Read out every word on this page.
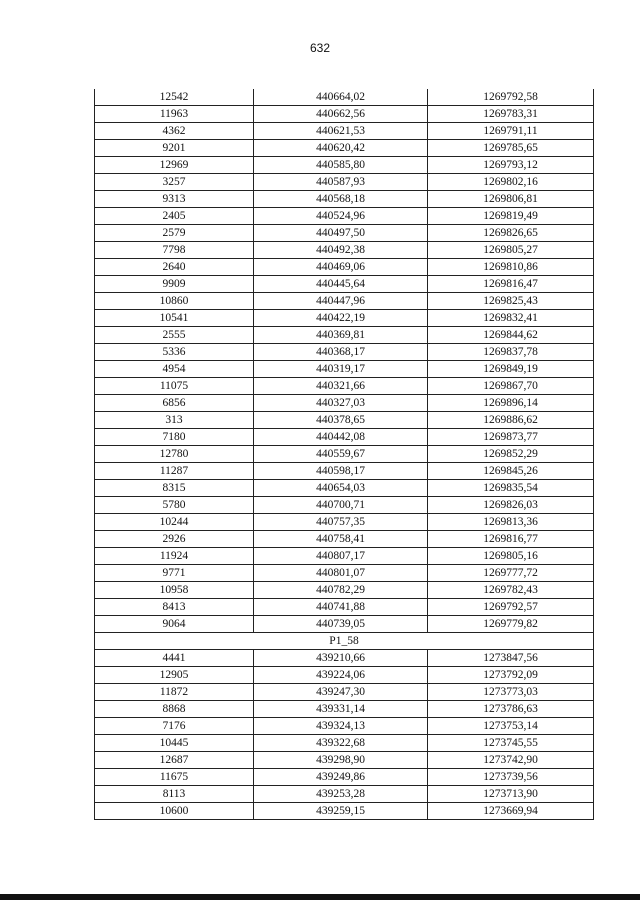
632
12542	440664,02	1269792,58
11963	440662,56	1269783,31
4362	440621,53	1269791,11
9201	440620,42	1269785,65
12969	440585,80	1269793,12
3257	440587,93	1269802,16
9313	440568,18	1269806,81
2405	440524,96	1269819,49
2579	440497,50	1269826,65
7798	440492,38	1269805,27
2640	440469,06	1269810,86
9909	440445,64	1269816,47
10860	440447,96	1269825,43
10541	440422,19	1269832,41
2555	440369,81	1269844,62
5336	440368,17	1269837,78
4954	440319,17	1269849,19
11075	440321,66	1269867,70
6856	440327,03	1269896,14
313	440378,65	1269886,62
7180	440442,08	1269873,77
12780	440559,67	1269852,29
11287	440598,17	1269845,26
8315	440654,03	1269835,54
5780	440700,71	1269826,03
10244	440757,35	1269813,36
2926	440758,41	1269816,77
11924	440807,17	1269805,16
9771	440801,07	1269777,72
10958	440782,29	1269782,43
8413	440741,88	1269792,57
9064	440739,05	1269779,82
P1_58		
4441	439210,66	1273847,56
12905	439224,06	1273792,09
11872	439247,30	1273773,03
8868	439331,14	1273786,63
7176	439324,13	1273753,14
10445	439322,68	1273745,55
12687	439298,90	1273742,90
11675	439249,86	1273739,56
8113	439253,28	1273713,90
10600	439259,15	1273669,94
